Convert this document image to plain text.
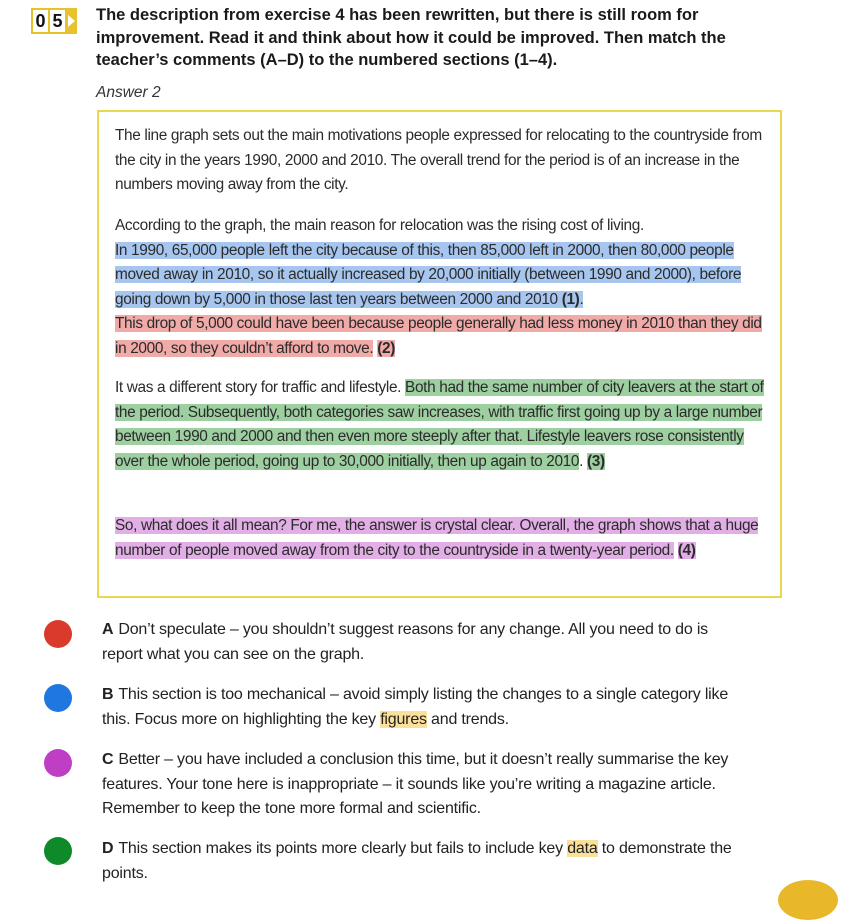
0 5 The description from exercise 4 has been rewritten, but there is still room for improvement. Read it and think about how it could be improved. Then match the teacher’s comments (A–D) to the numbered sections (1–4).

Answer 2

The line graph sets out the main motivations people expressed for relocating to the countryside from the city in the years 1990, 2000 and 2010. The overall trend for the period is of an increase in the numbers moving away from the city.

According to the graph, the main reason for relocation was the rising cost of living.
In 1990, 65,000 people left the city because of this, then 85,000 left in 2000, then 80,000 people moved away in 2010, so it actually increased by 20,000 initially (between 1990 and 2000), before going down by 5,000 in those last ten years between 2000 and 2010 (1).
This drop of 5,000 could have been because people generally had less money in 2010 than they did in 2000, so they couldn’t afford to move. (2)

It was a different story for traffic and lifestyle. Both had the same number of city leavers at the start of the period. Subsequently, both categories saw increases, with traffic first going up by a large number between 1990 and 2000 and then even more steeply after that. Lifestyle leavers rose consistently over the whole period, going up to 30,000 initially, then up again to 2010. (3)

So, what does it all mean? For me, the answer is crystal clear. Overall, the graph shows that a huge number of people moved away from the city to the countryside in a twenty-year period. (4)

A Don’t speculate – you shouldn’t suggest reasons for any change. All you need to do is report what you can see on the graph.

B This section is too mechanical – avoid simply listing the changes to a single category like this. Focus more on highlighting the key figures and trends.

C Better – you have included a conclusion this time, but it doesn’t really summarise the key features. Your tone here is inappropriate – it sounds like you’re writing a magazine article. Remember to keep the tone more formal and scientific.

D This section makes its points more clearly but fails to include key data to demonstrate the points.
